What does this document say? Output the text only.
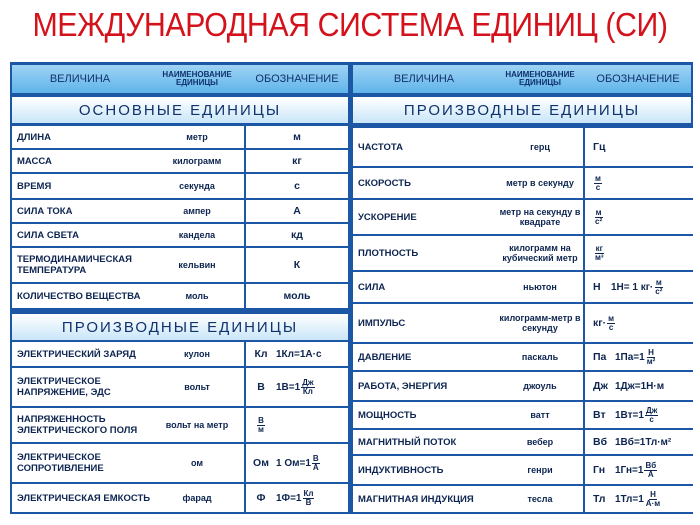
МЕЖДУНАРОДНАЯ СИСТЕМА ЕДИНИЦ (СИ)
ВЕЛИЧИНА	НАИМЕНОВАНИЕ ЕДИНИЦЫ	ОБОЗНАЧЕНИЕ
ОСНОВНЫЕ ЕДИНИЦЫ
ДЛИНА	метр	м
МАССА	килограмм	кг
ВРЕМЯ	секунда	с
СИЛА ТОКА	ампер	А
СИЛА СВЕТА	кандела	кд
ТЕРМОДИНАМИЧЕСКАЯ ТЕМПЕРАТУРА	кельвин	К
КОЛИЧЕСТВО ВЕЩЕСТВА	моль	моль
ПРОИЗВОДНЫЕ ЕДИНИЦЫ
ЭЛЕКТРИЧЕСКИЙ ЗАРЯД	кулон	Кл 1Кл=1А·с
ЭЛЕКТРИЧЕСКОЕ НАПРЯЖЕНИЕ, ЭДС	вольт	В	$1В=1 \frac{Дж}{Кл}$
НАПРЯЖЕННОСТЬ ЭЛЕКТРИЧЕСКОГО ПОЛЯ	вольт на метр	$\frac{В}{м}$
ЭЛЕКТРИЧЕСКОЕ СОПРОТИВЛЕНИЕ	ом	Ом 1 $Ом=1 \frac{В}{А}$
ЭЛЕКТРИЧЕСКАЯ ЕМКОСТЬ	фарад	Ф	$1Ф=1 \frac{Кл}{В}$
ВЕЛИЧИНА	НАИМЕНОВАНИЕ ЕДИНИЦЫ	ОБОЗНАЧЕНИЕ
ПРОИЗВОДНЫЕ ЕДИНИЦЫ
ЧАСТОТА	герц	Гц
СКОРОСТЬ	метр в секунду	$\frac{м}{с}$
УСКОРЕНИЕ	метр на секунду в квадрате	$\frac{м}{\text{с²}}$
ПЛОТНОСТЬ	килограмм на кубический метр	$\frac{кг}{\text{м³}}$
СИЛА	ньютон	Н	1Н= 1 $кг\cdot \frac{м}{\text{с²}}$
ИМПУЛЬС	килограмм-метр в секунду	$кг\cdot \frac{м}{с}$
ДАВЛЕНИЕ	паскаль	Па $1Па=1 \frac{Н}{\text{м²}}$
РАБОТА, ЭНЕРГИЯ	джоуль	Дж 1Дж=1Н·м
МОЩНОСТЬ	ватт	Вт $1Вт=1 \frac{Дж}{с}$
МАГНИТНЫЙ ПОТОК	вебер	Вб 1Вб=1Тл·м²
ИНДУКТИВНОСТЬ	генри	Гн $1Гн=1 \frac{Вб}{А}$
МАГНИТНАЯ ИНДУКЦИЯ	тесла	Тл $1Тл=1 \frac{Н}{А\cdot м}$
